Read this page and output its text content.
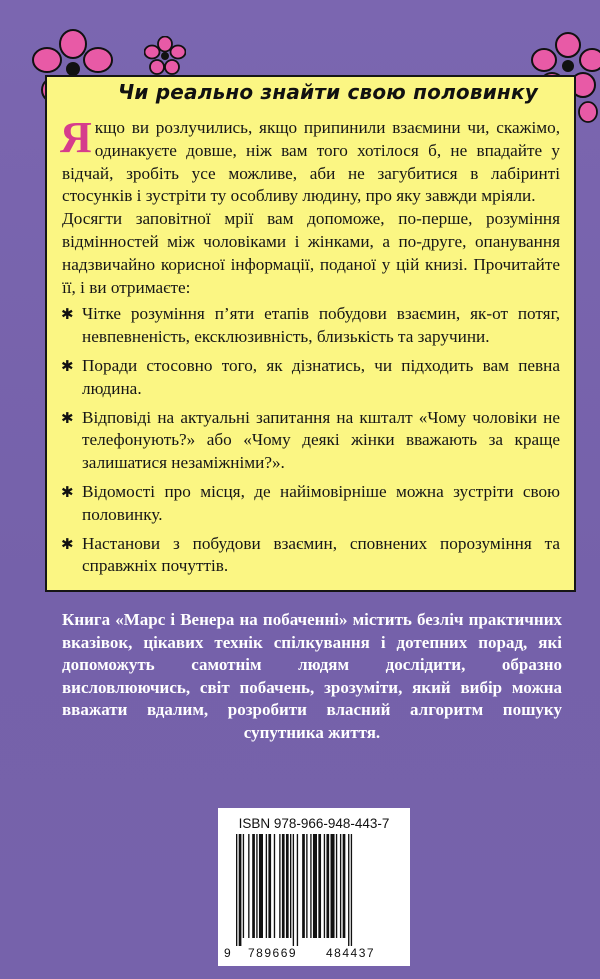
Чи реально знайти свою половинку

Якщо ви розлучились, якщо припинили взаємини чи, скажімо, одинакуєте довше, ніж вам того хотілося б, не впадайте у відчай, зробіть усе можливе, аби не загубитися в лабіринті стосунків і зустріти ту особливу людину, про яку завжди мріяли.

Досягти заповітної мрії вам допоможе, по-перше, розуміння відмінностей між чоловіками і жінками, а по-друге, опанування надзвичайно корисної інформації, поданої у цій книзі. Прочитайте її, і ви отримаєте:

✱ Чітке розуміння п’яти етапів побудови взаємин, як-от потяг, невпевненість, ексклюзивність, близькість та заручини.
✱ Поради стосовно того, як дізнатись, чи підходить вам певна людина.
✱ Відповіді на актуальні запитання на кшталт «Чому чоловіки не телефонують?» або «Чому деякі жінки вважають за краще залишатися незаміжніми?».
✱ Відомості про місця, де найімовірніше можна зустріти свою половинку.
✱ Настанови з побудови взаємин, сповнених порозуміння та справжніх почуттів.
Книга «Марс і Венера на побаченні» містить безліч практичних вказівок, цікавих технік спілкування і дотепних порад, які допоможуть самотнім людям дослідити, образно висловлюючись, світ побачень, зрозуміти, який вибір можна вважати вдалим, розробити власний алгоритм пошуку супутника життя.
ISBN 978-966-948-443-7
9 789669 484437
